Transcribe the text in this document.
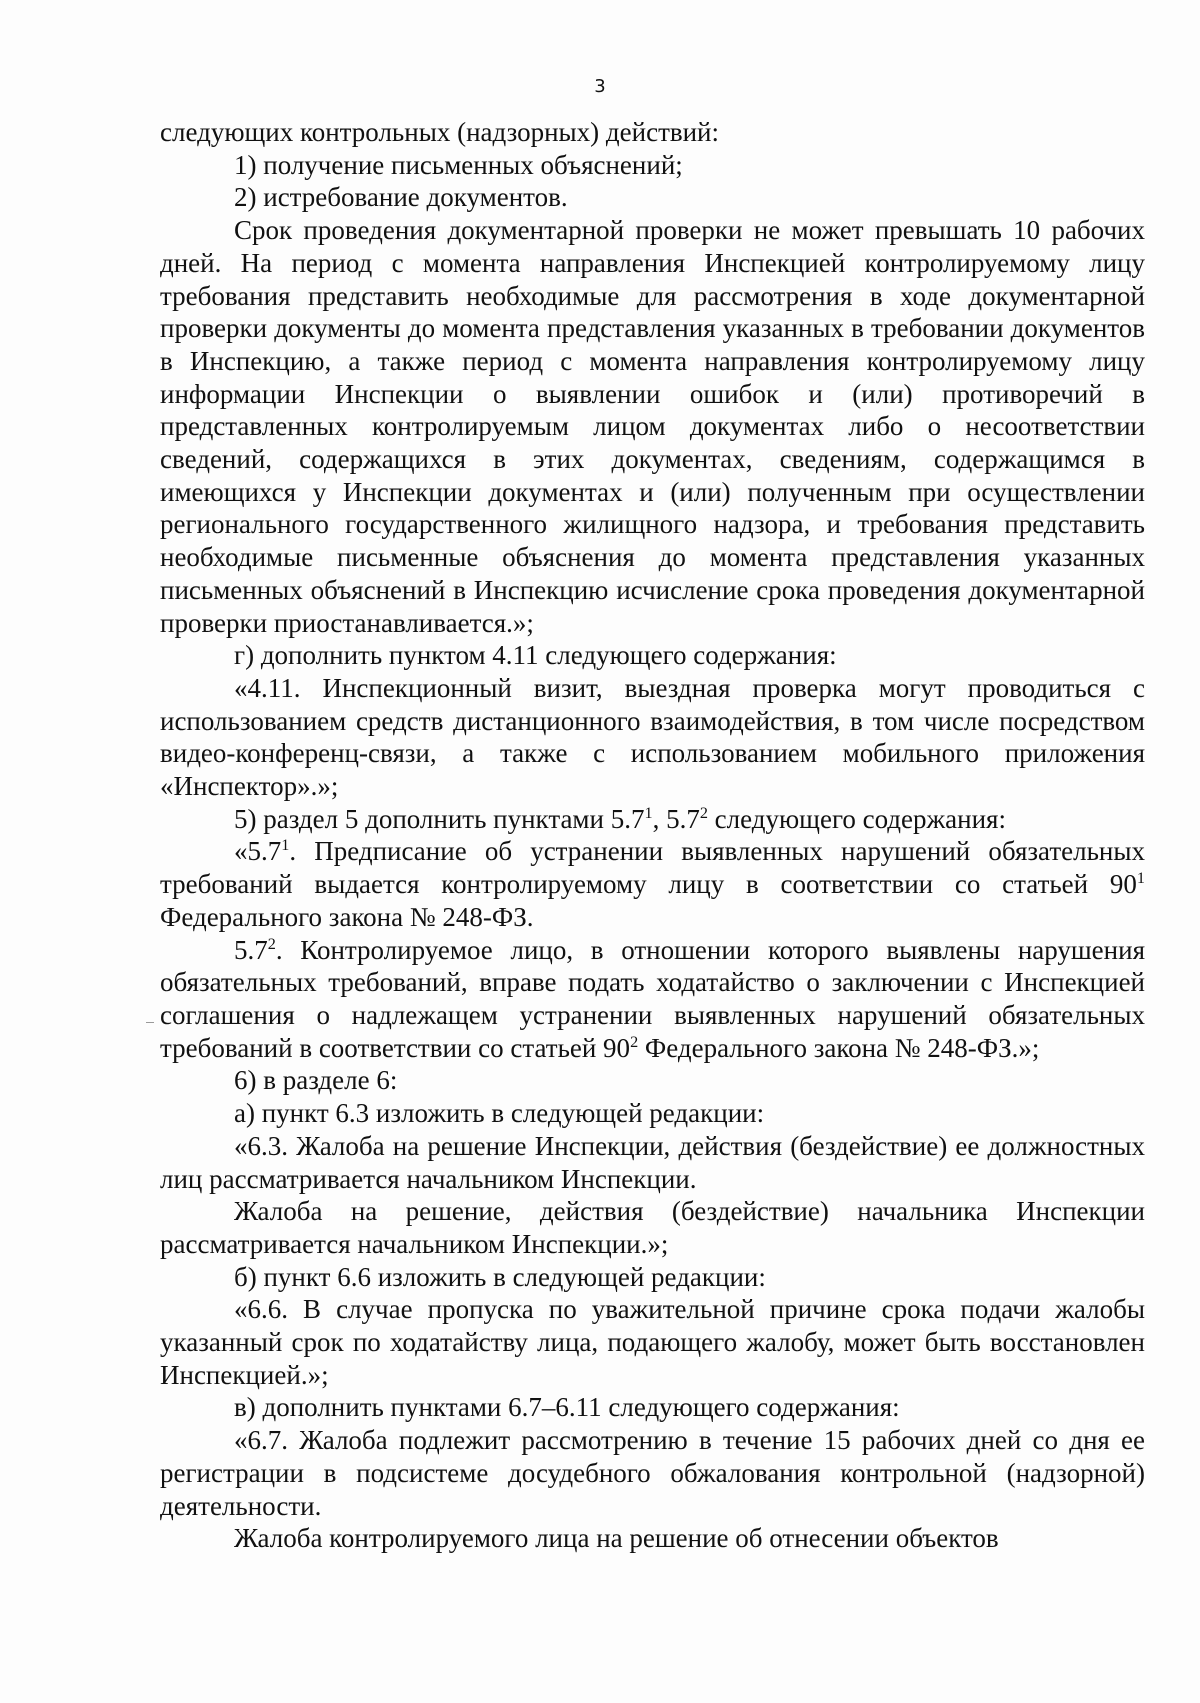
3

следующих контрольных (надзорных) действий:

1) получение письменных объяснений;

2) истребование документов.

Срок проведения документарной проверки не может превышать 10 рабочих дней. На период с момента направления Инспекцией контролируемому лицу требования представить необходимые для рассмотрения в ходе документарной проверки документы до момента представления указанных в требовании документов в Инспекцию, а также период с момента направления контролируемому лицу информации Инспекции о выявлении ошибок и (или) противоречий в представленных контролируемым лицом документах либо о несоответствии сведений, содержащихся в этих документах, сведениям, содержащимся в имеющихся у Инспекции документах и (или) полученным при осуществлении регионального государственного жилищного надзора, и требования представить необходимые письменные объяснения до момента представления указанных письменных объяснений в Инспекцию исчисление срока проведения документарной проверки приостанавливается.»;

г) дополнить пунктом 4.11 следующего содержания:

«4.11. Инспекционный визит, выездная проверка могут проводиться с использованием средств дистанционного взаимодействия, в том числе посредством видео-конференц-связи, а также с использованием мобильного приложения «Инспектор».»;

5) раздел 5 дополнить пунктами $5.7^1$, $5.7^2$ следующего содержания:

«$5.7^1$. Предписание об устранении выявленных нарушений обязательных требований выдается контролируемому лицу в соответствии со статьей $90^1$ Федерального закона № 248-ФЗ.

$5.7^2$. Контролируемое лицо, в отношении которого выявлены нарушения обязательных требований, вправе подать ходатайство о заключении с Инспекцией соглашения о надлежащем устранении выявленных нарушений обязательных требований в соответствии со статьей $90^2$ Федерального закона № 248-ФЗ.»;

6) в разделе 6:

а) пункт 6.3 изложить в следующей редакции:

«6.3. Жалоба на решение Инспекции, действия (бездействие) ее должностных лиц рассматривается начальником Инспекции.

Жалоба на решение, действия (бездействие) начальника Инспекции рассматривается начальником Инспекции.»;

б) пункт 6.6 изложить в следующей редакции:

«6.6. В случае пропуска по уважительной причине срока подачи жалобы указанный срок по ходатайству лица, подающего жалобу, может быть восстановлен Инспекцией.»;

в) дополнить пунктами 6.7–6.11 следующего содержания:

«6.7. Жалоба подлежит рассмотрению в течение 15 рабочих дней со дня ее регистрации в подсистеме досудебного обжалования контрольной (надзорной) деятельности.

Жалоба контролируемого лица на решение об отнесении объектов
